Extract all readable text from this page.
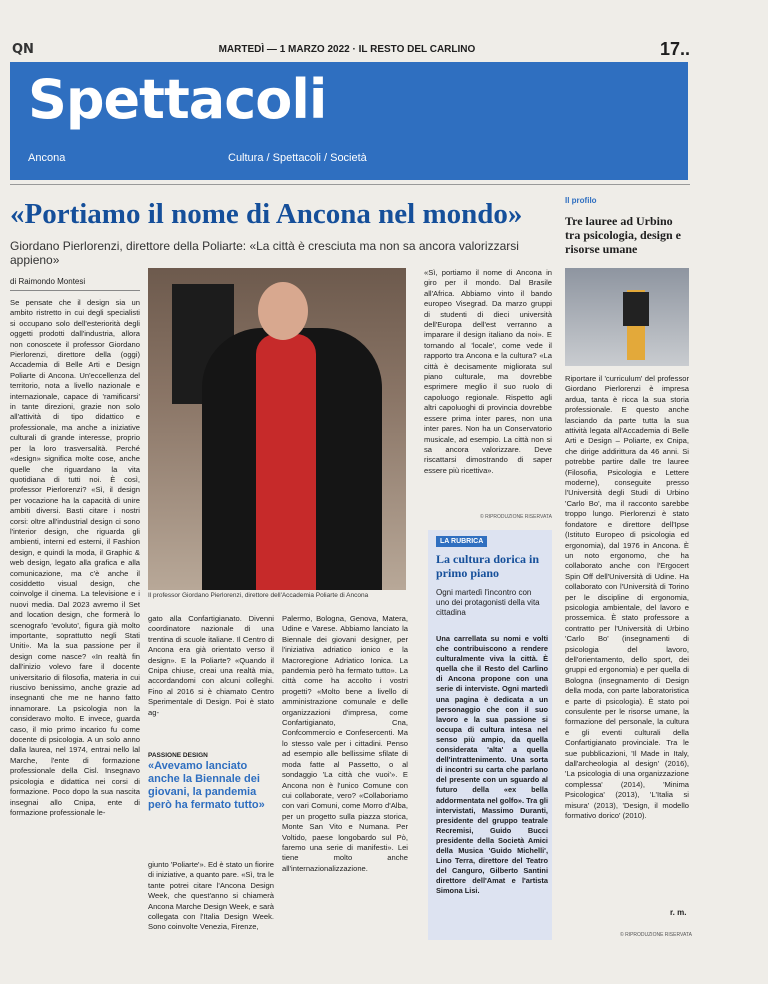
QN	MARTEDÌ — 1 MARZO 2022 · IL RESTO DEL CARLINO	17..
Spettacoli
Ancona	Cultura / Spettacoli / Società
«Portiamo il nome di Ancona nel mondo»
Giordano Pierlorenzi, direttore della Poliarte: «La città è cresciuta ma non sa ancora valorizzarsi appieno»
di Raimondo Montesi
Se pensate che il design sia un ambito ristretto in cui degli specialisti si occupano solo dell'esteriorità degli oggetti prodotti dall'industria, allora non conoscete il professor Giordano Pierlorenzi, direttore della (oggi) Accademia di Belle Arti e Design Poliarte di Ancona. Un'eccellenza del territorio, nota a livello nazionale e internazionale, capace di 'ramificarsi' in tante direzioni, grazie non solo all'attività di tipo didattico e professionale, ma anche a iniziative culturali di grande interesse, proprio per la loro trasversalità. Perché «design» significa molte cose, anche quelle che riguardano la vita quotidiana di tutti noi. È così, professor Pierlorenzi? «Sì, il design per vocazione ha la capacità di unire ambiti diversi. Basti citare i nostri corsi: oltre all'industrial design ci sono l'interior design, che riguarda gli ambienti, interni ed esterni, il Fashion design, e quindi la moda, il Graphic & web design, legato alla grafica e alla comunicazione, ma c'è anche il cosiddetto visual design, che coinvolge il cinema. La televisione e i nuovi media. Dal 2023 avremo il Set and location design, che formerà lo scenografo 'evoluto', figura già molto importante, soprattutto negli Stati Uniti». Ma la sua passione per il design come nasce? «In realtà fin dall'inizio volevo fare il docente universitario di filosofia, materia in cui riuscivo benissimo, anche grazie ad insegnanti che me ne hanno fatto innamorare. La psicologia non la consideravo molto. E invece, guarda caso, il mio primo incarico fu come docente di psicologia. A un solo anno dalla laurea, nel 1974, entrai nello lal Marche, l'ente di formazione professionale della Cisl. Insegnavo psicologia e didattica nei corsi di formazione. Poco dopo la sua nascita insegnai allo Cnipa, ente di formazione professionale le-
Il professor Giordano Pierlorenzi, direttore dell'Accademia Poliarte di Ancona
gato alla Confartigianato. Divenni coordinatore nazionale di una trentina di scuole italiane. Il Centro di Ancona era già orientato verso il design». E la Poliarte? «Quando il Cnipa chiuse, creai una realtà mia, accordandomi con alcuni colleghi. Fino al 2016 si è chiamato Centro Sperimentale di Design. Poi è stato ag-
PASSIONE DESIGN
«Avevamo lanciato anche la Biennale dei giovani, la pandemia però ha fermato tutto»
giunto 'Poliarte'». Ed è stato un fiorire di iniziative, a quanto pare. «Sì, tra le tante potrei citare l'Ancona Design Week, che quest'anno si chiamerà Ancona Marche Design Week, e sarà collegata con l'Italia Design Week. Sono coinvolte Venezia, Firenze,
Palermo, Bologna, Genova, Matera, Udine e Varese. Abbiamo lanciato la Biennale dei giovani designer, per l'iniziativa adriatico ionico e la Macroregione Adriatico Ionica. La pandemia però ha fermato tutto». La città come ha accolto i vostri progetti? «Molto bene a livello di amministrazione comunale e delle organizzazioni d'impresa, come Confartigianato, Cna, Confcommercio e Confesercenti. Ma lo stesso vale per i cittadini. Penso ad esempio alle bellissime sfilate di moda fatte al Passetto, o al sondaggio 'La città che vuoi'». E Ancona non è l'unico Comune con cui collaborate, vero? «Collaboriamo con vari Comuni, come Morro d'Alba, per un progetto sulla piazza storica, Monte San Vito e Numana. Per Voltido, paese longobardo sul Pò, faremo una serie di manifesti». Lei tiene molto anche all'internazionalizzazione.
«Sì, portiamo il nome di Ancona in giro per il mondo. Dal Brasile all'Africa. Abbiamo vinto il bando europeo Visegrad. Da marzo gruppi di studenti di dieci università dell'Europa dell'est verranno a imparare il design italiano da noi». E tornando al 'locale', come vede il rapporto tra Ancona e la cultura? «La città è decisamente migliorata sul piano culturale, ma dovrebbe esprimere meglio il suo ruolo di capoluogo regionale. Rispetto agli altri capoluoghi di provincia dovrebbe essere prima inter pares, non una inter pares. Non ha un Conservatorio musicale, ad esempio. La città non si sa ancora valorizzare. Deve riscattarsi dimostrando di saper essere più ricettiva».
© RIPRODUZIONE RISERVATA
LA RUBRICA
La cultura dorica in primo piano
Ogni martedì l'incontro con uno dei protagonisti della vita cittadina
Una carrellata su nomi e volti che contribuiscono a rendere culturalmente viva la città. È quella che il Resto del Carlino di Ancona propone con una serie di interviste. Ogni martedì una pagina è dedicata a un personaggio che con il suo lavoro e la sua passione si occupa di cultura intesa nel senso più ampio, da quella considerata 'alta' a quella dell'intrattenimento. Una sorta di incontri su carta che parlano del presente con un sguardo al futuro della «ex bella addormentata nel golfo». Tra gli intervistati, Massimo Duranti, presidente del gruppo teatrale Recremisi, Guido Bucci presidente della Società Amici della Musica 'Guido Michelli', Lino Terra, direttore del Teatro del Canguro, Gilberto Santini direttore dell'Amat e l'artista Simona Lisi.
Il profilo
Tre lauree ad Urbino tra psicologia, design e risorse umane
Riportare il 'curriculum' del professor Giordano Pierlorenzi è impresa ardua, tanta è ricca la sua storia professionale. E questo anche lasciando da parte tutta la sua attività legata all'Accademia di Belle Arti e Design – Poliarte, ex Cnipa, che dirige addirittura da 46 anni. Si potrebbe partire dalle tre lauree (Filosofia, Psicologia e Lettere moderne), conseguite presso l'Università degli Studi di Urbino 'Carlo Bo', ma il racconto sarebbe troppo lungo. Pierlorenzi è stato fondatore e direttore dell'Ipse (Istituto Europeo di psicologia ed ergonomia), dal 1976 in Ancona. È un noto ergonomo, che ha collaborato anche con l'Ergocert Spin Off dell'Università di Udine. Ha collaborato con l'Università di Torino per le discipline di ergonomia, psicologia ambientale, del lavoro e prossemica. È stato professore a contratto per l'Università di Urbino 'Carlo Bo' (insegnamenti di psicologia del lavoro, dell'orientamento, dello sport, dei gruppi ed ergonomia) e per quella di Bologna (insegnamento di Design della moda, con parte laboratoristica e parte di psicologia). È stato poi consulente per le risorse umane, la formazione del personale, la cultura e gli eventi culturali della Confartigianato provinciale. Tra le sue pubblicazioni, 'Il Made in Italy, dall'archeologia al design' (2016), 'La psicologia di una organizzazione complessa' (2014), 'Minima Psicologica' (2013), 'L'Italia si misura' (2013), 'Design, il modello formativo dorico' (2010).
r. m.
© RIPRODUZIONE RISERVATA
